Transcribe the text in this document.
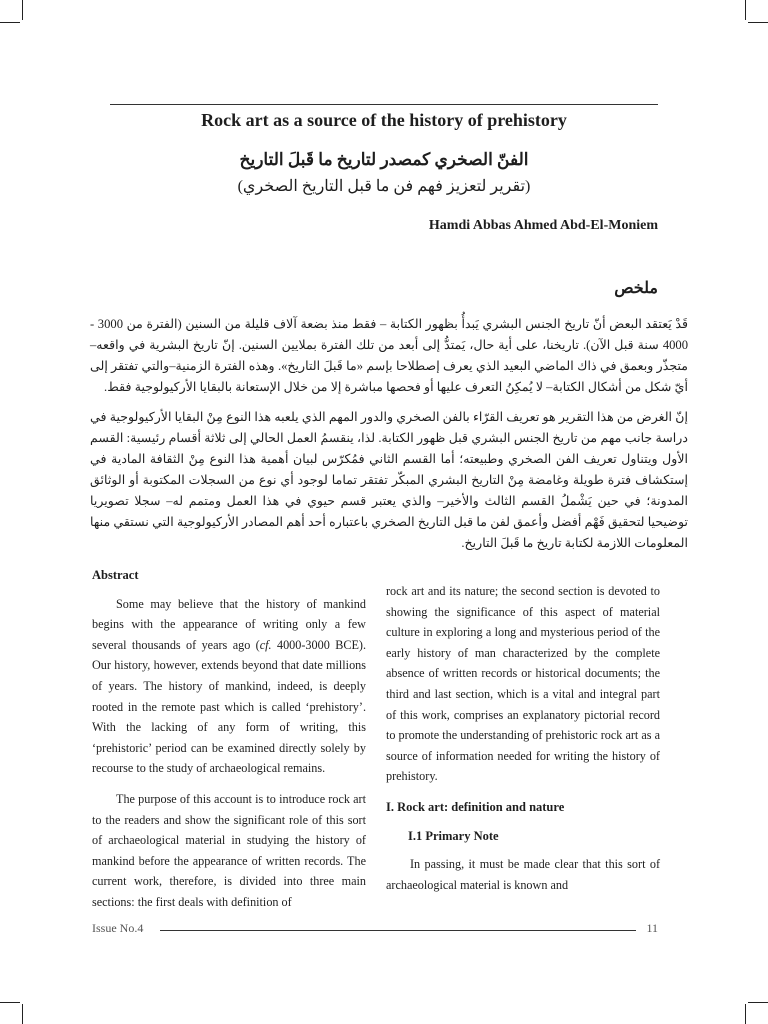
Rock art as a source of the history of prehistory
الفنّ الصخري كمصدر لتاريخ ما قَبلَ التاريخ
(تقرير لتعزيز فهم فن ما قبل التاريخ الصخري)
Hamdi Abbas Ahmed Abd-El-Moniem
ملخص

قَدْ يَعتقد البعض أنّ تاريخ الجنس البشري يَبدأُ بظهور الكتابة – فقط منذ بضعة آلاف قليلة من السنين (الفترة من 3000 - 4000 سنة قبل الآن). تاريخنا، على أية حال، يَمتدُّ إلى أبعد من تلك الفترة بملايين السنين. إنّ تاريخ البشرية في واقعه– متجذّر وبعمق في ذاك الماضي البعيد الذي يعرف إصطلاحا بإسم «ما قَبلَ التاريخ». وهذه الفترة الزمنية–والتي تفتقر إلى أيّ شكل من أشكال الكتابة– لا يُمكِنُ التعرف عليها أو فحصها مباشرة إلا من خلال الإستعانة بالبقايا الأركيولوجية فقط.

إنّ الغرض من هذا التقرير هو تعريف القرّاء بالفن الصخري والدور المهم الذي يلعبه هذا النوع مِنْ البقايا الأركيولوجية في دراسة جانب مهم من تاريخ الجنس البشري قبل ظهور الكتابة. لذا، ينقسمُ العمل الحالي إلى ثلاثة أقسام رئيسية: القسم الأول ويتناول تعريف الفن الصخري وطبيعته؛ أما القسم الثاني فمُكرّس لبيان أهمية هذا النوع مِنْ الثقافة المادية في إستكشاف فترة طويلة وغامضة مِنْ التاريخ البشري المبكّر تفتقر تماما لوجود أي نوع من السجلات المكتوبة أو الوثائق المدونة؛ في حين يَشْملُ القسم الثالث والأخير– والذي يعتبر قسم حيوي في هذا العمل ومتمم له– سجلا تصويريا توضيحيا لتحقيق فَهْم أفضل وأعمق لفن ما قبل التاريخ الصخري باعتباره أحد أهم المصادر الأركيولوجية التي نستقي منها المعلومات اللازمة لكتابة تاريخ ما قَبلَ التاريخ.

Abstract

Some may believe that the history of mankind begins with the appearance of writing only a few several thousands of years ago (cf. 4000-3000 BCE). Our history, however, extends beyond that date millions of years. The history of mankind, indeed, is deeply rooted in the remote past which is called ‘prehistory’. With the lacking of any form of writing, this ‘prehistoric’ period can be examined directly solely by recourse to the study of archaeological remains.

The purpose of this account is to introduce rock art to the readers and show the significant role of this sort of archaeological material in studying the history of mankind before the appearance of written records. The current work, therefore, is divided into three main sections: the first deals with definition of

rock art and its nature; the second section is devoted to showing the significance of this aspect of material culture in exploring a long and mysterious period of the early history of man characterized by the complete absence of written records or historical documents; the third and last section, which is a vital and integral part of this work, comprises an explanatory pictorial record to promote the understanding of prehistoric rock art as a source of information needed for writing the history of prehistory.

I. Rock art: definition and nature
I.1 Primary Note

In passing, it must be made clear that this sort of archaeological material is known and

Issue No.4	11
